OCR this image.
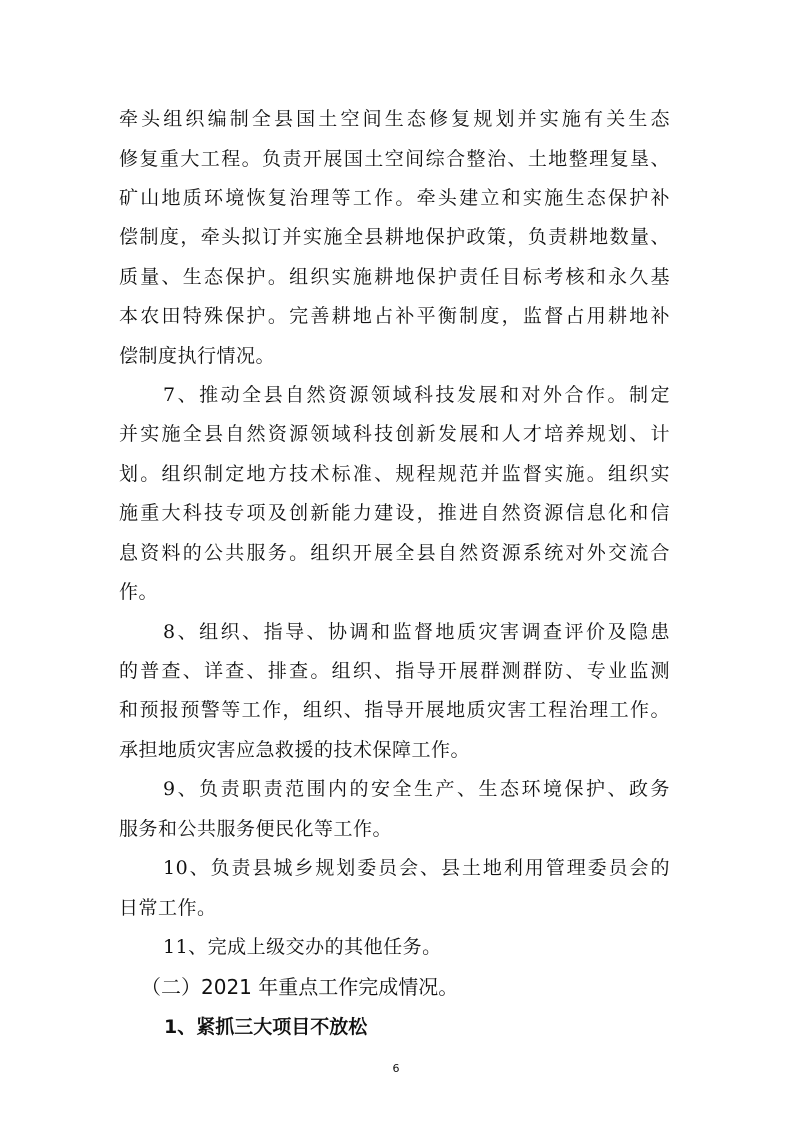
牵头组织编制全县国土空间生态修复规划并实施有关生态
修复重大工程。负责开展国土空间综合整治、土地整理复垦、
矿山地质环境恢复治理等工作。牵头建立和实施生态保护补
偿制度，牵头拟订并实施全县耕地保护政策，负责耕地数量、
质量、生态保护。组织实施耕地保护责任目标考核和永久基
本农田特殊保护。完善耕地占补平衡制度，监督占用耕地补
偿制度执行情况。
7、推动全县自然资源领域科技发展和对外合作。制定
并实施全县自然资源领域科技创新发展和人才培养规划、计
划。组织制定地方技术标准、规程规范并监督实施。组织实
施重大科技专项及创新能力建设，推进自然资源信息化和信
息资料的公共服务。组织开展全县自然资源系统对外交流合
作。
8、组织、指导、协调和监督地质灾害调查评价及隐患
的普查、详查、排查。组织、指导开展群测群防、专业监测
和预报预警等工作，组织、指导开展地质灾害工程治理工作。
承担地质灾害应急救援的技术保障工作。
9、负责职责范围内的安全生产、生态环境保护、政务
服务和公共服务便民化等工作。
10、负责县城乡规划委员会、县土地利用管理委员会的
日常工作。
11、完成上级交办的其他任务。
（二）2021 年重点工作完成情况。
1、紧抓三大项目不放松
6
